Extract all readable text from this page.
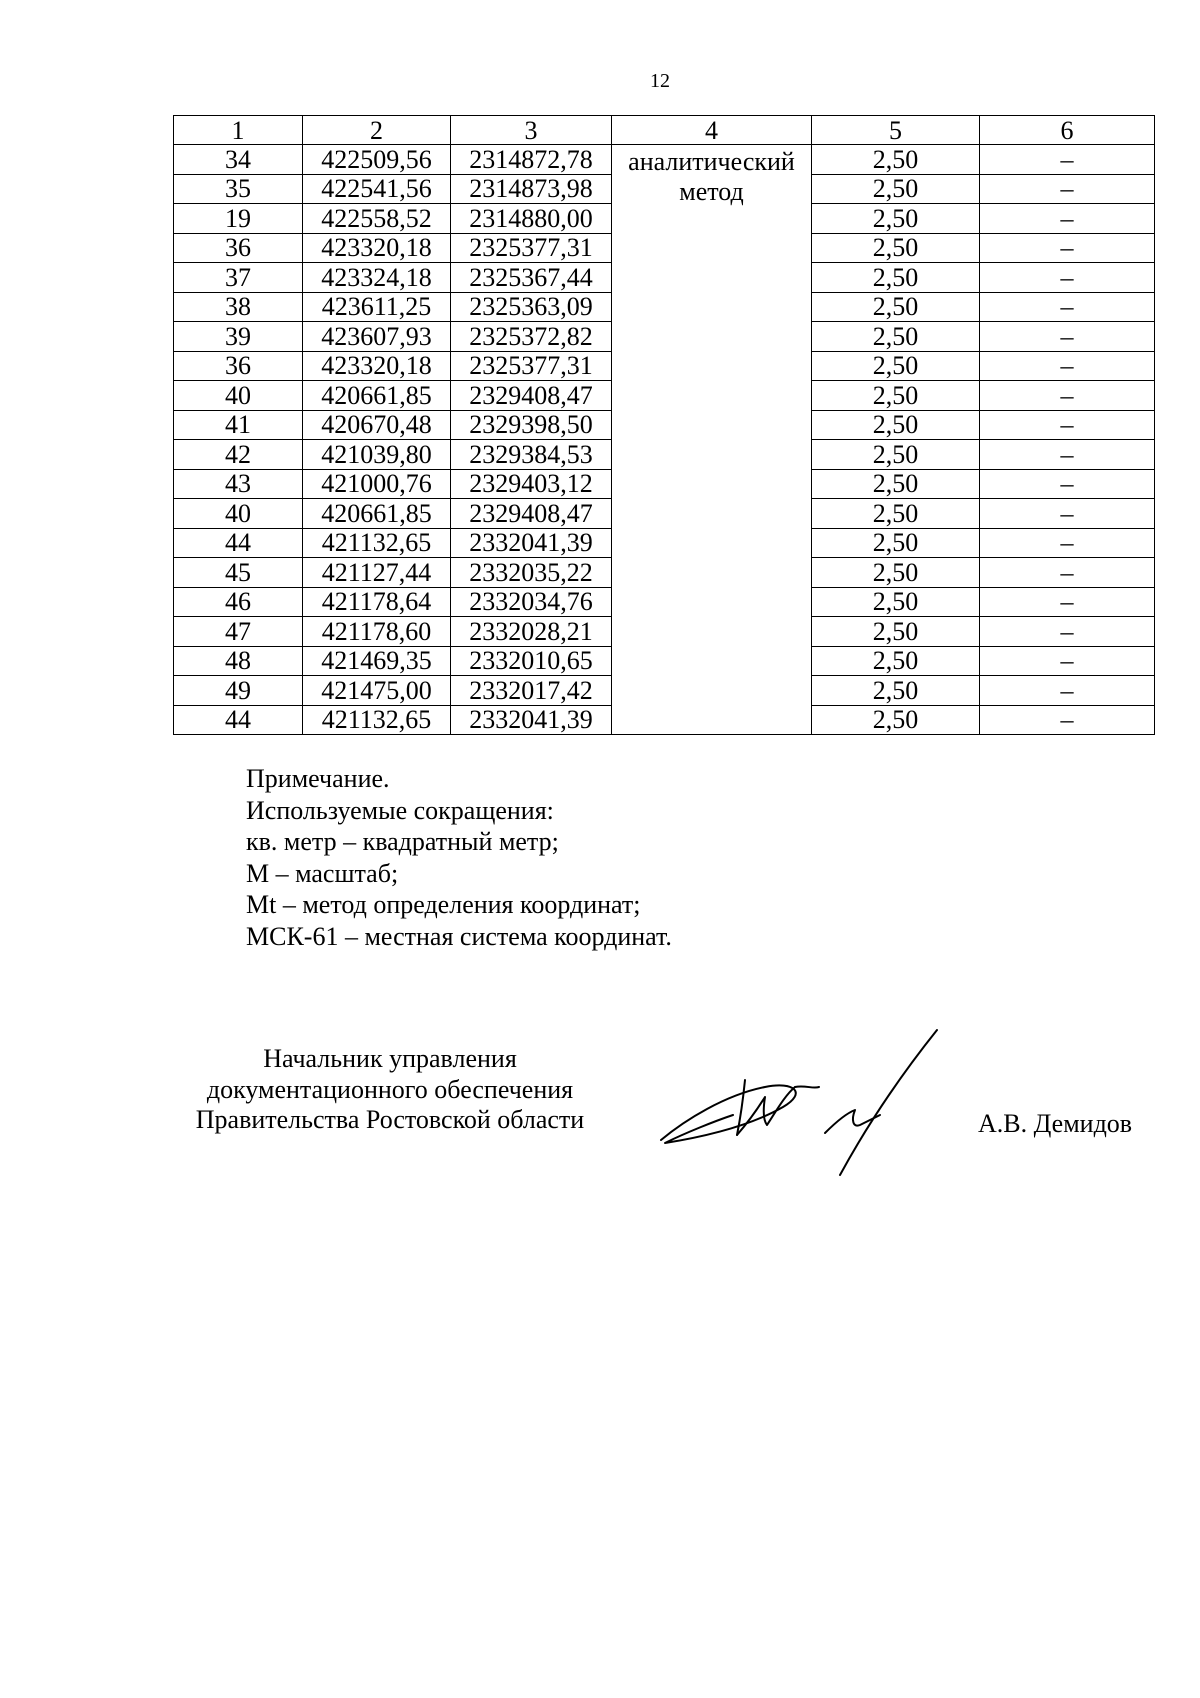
12
1	2	3	4	5	6
34	422509,56	2314872,78	аналитический метод	2,50	–
35	422541,56	2314873,98		2,50	–
19	422558,52	2314880,00		2,50	–
36	423320,18	2325377,31		2,50	–
37	423324,18	2325367,44		2,50	–
38	423611,25	2325363,09		2,50	–
39	423607,93	2325372,82		2,50	–
36	423320,18	2325377,31		2,50	–
40	420661,85	2329408,47		2,50	–
41	420670,48	2329398,50		2,50	–
42	421039,80	2329384,53		2,50	–
43	421000,76	2329403,12		2,50	–
40	420661,85	2329408,47		2,50	–
44	421132,65	2332041,39		2,50	–
45	421127,44	2332035,22		2,50	–
46	421178,64	2332034,76		2,50	–
47	421178,60	2332028,21		2,50	–
48	421469,35	2332010,65		2,50	–
49	421475,00	2332017,42		2,50	–
44	421132,65	2332041,39		2,50	–
Примечание.
Используемые сокращения:
кв. метр – квадратный метр;
М – масштаб;
Mt – метод определения координат;
МСК-61 – местная система координат.
Начальник управления
документационного обеспечения
Правительства Ростовской области	А.В. Демидов
